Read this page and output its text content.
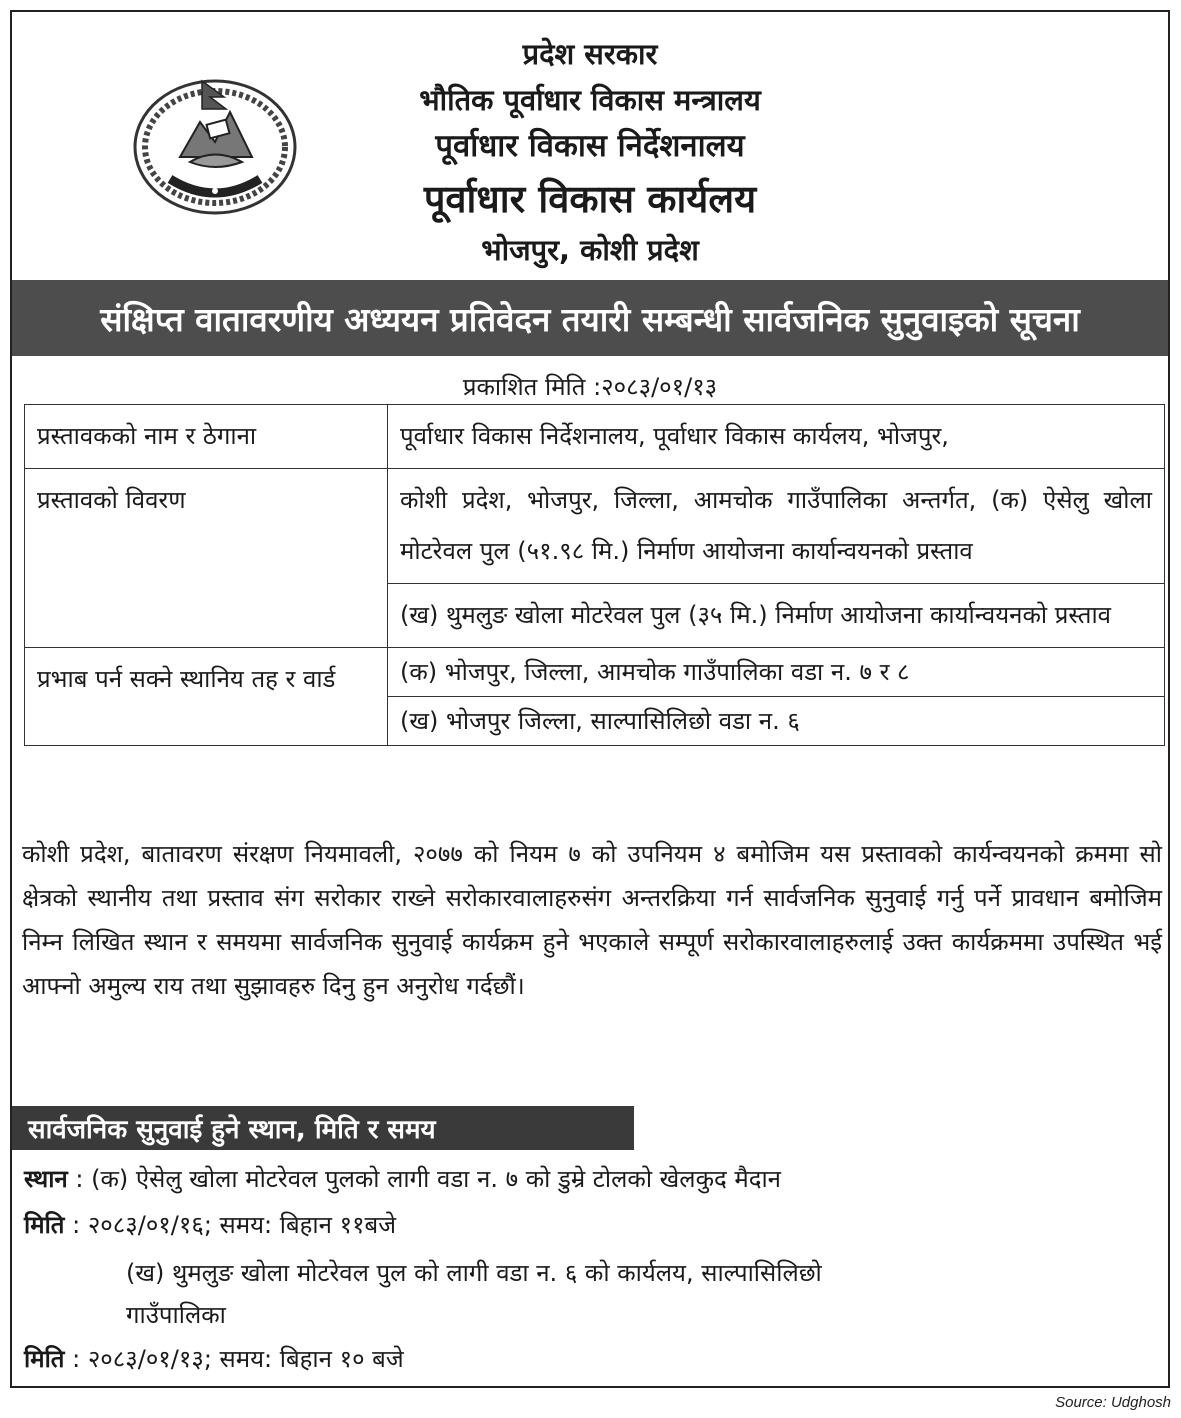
प्रदेश सरकार
भौतिक पूर्वाधार विकास मन्त्रालय
पूर्वाधार विकास निर्देशनालय
पूर्वाधार विकास कार्यलय
भोजपुर, कोशी प्रदेश
संक्षिप्त वातावरणीय अध्ययन प्रतिवेदन तयारी सम्बन्धी सार्वजनिक सुनुवाइको सूचना
प्रकाशित मिति :२०८३/०१/१३
प्रस्तावकको नाम र ठेगाना	पूर्वाधार विकास निर्देशनालय, पूर्वाधार विकास कार्यलय, भोजपुर,
प्रस्तावको विवरण	कोशी प्रदेश, भोजपुर, जिल्ला, आमचोक गाउँपालिका अन्तर्गत, (क) ऐसेलु खोला मोटरेवल पुल (५१.९८ मि.) निर्माण आयोजना कार्यान्वयनको प्रस्ताव
	(ख) थुमलुङ खोला मोटरेवल पुल (३५ मि.) निर्माण आयोजना कार्यान्वयनको प्रस्ताव
प्रभाब पर्न सक्ने स्थानिय तह र वार्ड	(क) भोजपुर, जिल्ला, आमचोक गाउँपालिका वडा न. ७ र ८
	(ख) भोजपुर जिल्ला, साल्पासिलिछो वडा न. ६
कोशी प्रदेश, बातावरण संरक्षण नियमावली, २०७७ को नियम ७ को उपनियम ४ बमोजिम यस प्रस्तावको कार्यन्वयनको क्रममा सो क्षेत्रको स्थानीय तथा प्रस्ताव संग सरोकार राख्ने सरोकारवालाहरुसंग अन्तरक्रिया गर्न सार्वजनिक सुनुवाई गर्नु पर्ने प्रावधान बमोजिम निम्न लिखित स्थान र समयमा सार्वजनिक सुनुवाई कार्यक्रम हुने भएकाले सम्पूर्ण सरोकारवालाहरुलाई उक्त कार्यक्रममा उपस्थित भई आफ्नो अमुल्य राय तथा सुझावहरु दिनु हुन अनुरोध गर्दछौं।
सार्वजनिक सुनुवाई हुने स्थान, मिति र समय
स्थान : (क) ऐसेलु खोला मोटरेवल पुलको लागी वडा न. ७ को डुम्रे टोलको खेलकुद मैदान
मिति : २०८३/०१/१६; समय: बिहान ११बजे
(ख) थुमलुङ खोला मोटरेवल पुल को लागी वडा न. ६ को कार्यलय, साल्पासिलिछो
गाउँपालिका
मिति : २०८३/०१/१३; समय: बिहान १० बजे
Source: Udghosh
